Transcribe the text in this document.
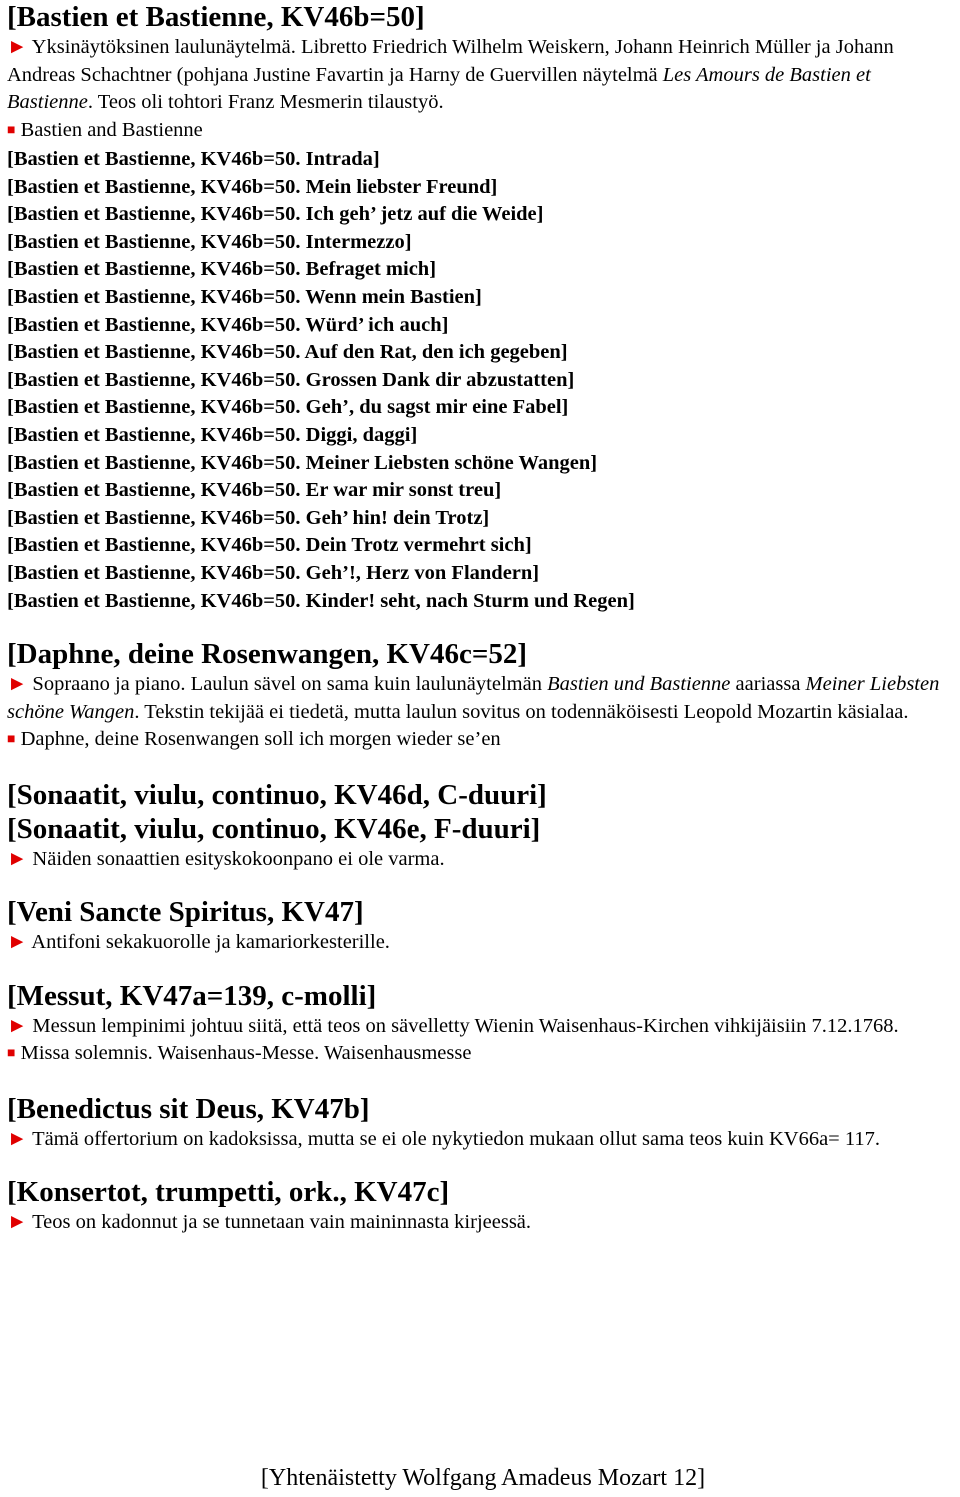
[Bastien et Bastienne, KV46b=50]

► Yksinäytöksinen laulunäytelmä. Libretto Friedrich Wilhelm Weiskern, Johann Heinrich Müller ja Johann Andreas Schachtner (pohjana Justine Favartin ja Harny de Guervillen näytelmä Les Amours de Bastien et Bastienne. Teos oli tohtori Franz Mesmerin tilaustyö.

■ Bastien and Bastienne

[Bastien et Bastienne, KV46b=50. Intrada]

[Bastien et Bastienne, KV46b=50. Mein liebster Freund]

[Bastien et Bastienne, KV46b=50. Ich geh’ jetz auf die Weide]

[Bastien et Bastienne, KV46b=50. Intermezzo]

[Bastien et Bastienne, KV46b=50. Befraget mich]

[Bastien et Bastienne, KV46b=50. Wenn mein Bastien]

[Bastien et Bastienne, KV46b=50. Würd’ ich auch]

[Bastien et Bastienne, KV46b=50. Auf den Rat, den ich gegeben]

[Bastien et Bastienne, KV46b=50. Grossen Dank dir abzustatten]

[Bastien et Bastienne, KV46b=50. Geh’, du sagst mir eine Fabel]

[Bastien et Bastienne, KV46b=50. Diggi, daggi]

[Bastien et Bastienne, KV46b=50. Meiner Liebsten schöne Wangen]

[Bastien et Bastienne, KV46b=50. Er war mir sonst treu]

[Bastien et Bastienne, KV46b=50. Geh’ hin! dein Trotz]

[Bastien et Bastienne, KV46b=50. Dein Trotz vermehrt sich]

[Bastien et Bastienne, KV46b=50. Geh’!, Herz von Flandern]

[Bastien et Bastienne, KV46b=50. Kinder! seht, nach Sturm und Regen]

[Daphne, deine Rosenwangen, KV46c=52]

► Sopraano ja piano. Laulun sävel on sama kuin laulunäytelmän Bastien und Bastienne aariassa Meiner Liebsten schöne Wangen. Tekstin tekijää ei tiedetä, mutta laulun sovitus on todennäköisesti Leopold Mozartin käsialaa.

■ Daphne, deine Rosenwangen soll ich morgen wieder se’en

[Sonaatit, viulu, continuo, KV46d, C-duuri]
[Sonaatit, viulu, continuo, KV46e, F-duuri]

► Näiden sonaattien esityskokoonpano ei ole varma.

[Veni Sancte Spiritus, KV47]

► Antifoni sekakuorolle ja kamariorkesterille.

[Messut, KV47a=139, c-molli]

► Messun lempinimi johtuu siitä, että teos on sävelletty Wienin Waisenhaus-Kirchen vihkijäisiin 7.12.1768.

■ Missa solemnis. Waisenhaus-Messe. Waisenhausmesse

[Benedictus sit Deus, KV47b]

► Tämä offertorium on kadoksissa, mutta se ei ole nykytiedon mukaan ollut sama teos kuin KV66a= 117.

[Konsertot, trumpetti, ork., KV47c]

► Teos on kadonnut ja se tunnetaan vain maininnasta kirjeessä.

[Yhtenäistetty Wolfgang Amadeus Mozart 12]
